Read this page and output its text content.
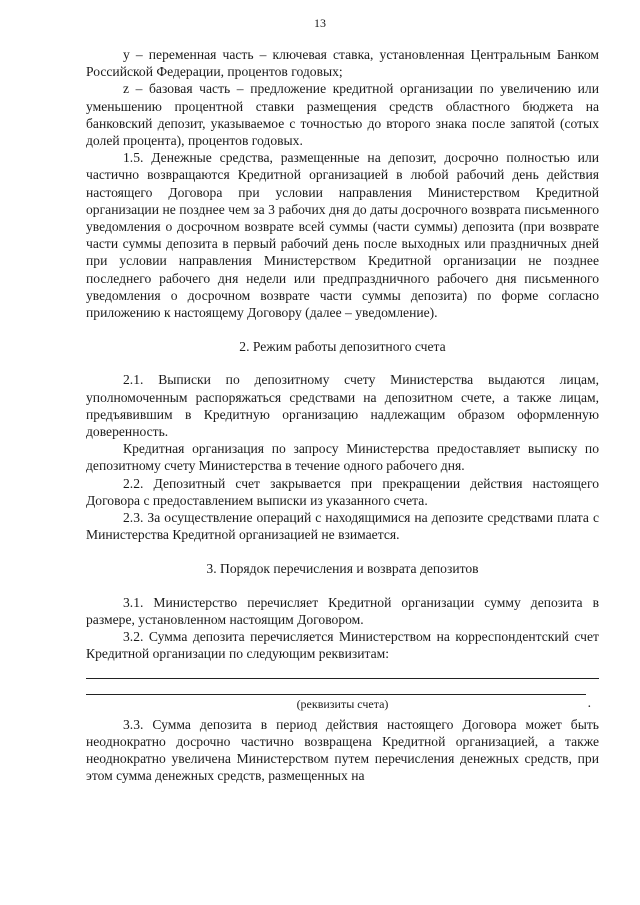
13

y – переменная часть – ключевая ставка, установленная Центральным Банком Российской Федерации, процентов годовых;

z – базовая часть – предложение кредитной организации по увеличению или уменьшению процентной ставки размещения средств областного бюджета на банковский депозит, указываемое с точностью до второго знака после запятой (сотых долей процента), процентов годовых.

1.5. Денежные средства, размещенные на депозит, досрочно полностью или частично возвращаются Кредитной организацией в любой рабочий день действия настоящего Договора при условии направления Министерством Кредитной организации не позднее чем за 3 рабочих дня до даты досрочного возврата письменного уведомления о досрочном возврате всей суммы (части суммы) депозита (при возврате части суммы депозита в первый рабочий день после выходных или праздничных дней при условии направления Министерством Кредитной организации не позднее последнего рабочего дня недели или предпраздничного рабочего дня письменного уведомления о досрочном возврате части суммы депозита) по форме согласно приложению к настоящему Договору (далее – уведомление).

2. Режим работы депозитного счета

2.1. Выписки по депозитному счету Министерства выдаются лицам, уполномоченным распоряжаться средствами на депозитном счете, а также лицам, предъявившим в Кредитную организацию надлежащим образом оформленную доверенность.

Кредитная организация по запросу Министерства предоставляет выписку по депозитному счету Министерства в течение одного рабочего дня.

2.2. Депозитный счет закрывается при прекращении действия настоящего Договора с предоставлением выписки из указанного счета.

2.3. За осуществление операций с находящимися на депозите средствами плата с Министерства Кредитной организацией не взимается.

3. Порядок перечисления и возврата депозитов

3.1. Министерство перечисляет Кредитной организации сумму депозита в размере, установленном настоящим Договором.

3.2. Сумма депозита перечисляется Министерством на корреспондентский счет Кредитной организации по следующим реквизитам:

.
(реквизиты счета)

3.3. Сумма депозита в период действия настоящего Договора может быть неоднократно досрочно частично возвращена Кредитной организацией, а также неоднократно увеличена Министерством путем перечисления денежных средств, при этом сумма денежных средств, размещенных на
